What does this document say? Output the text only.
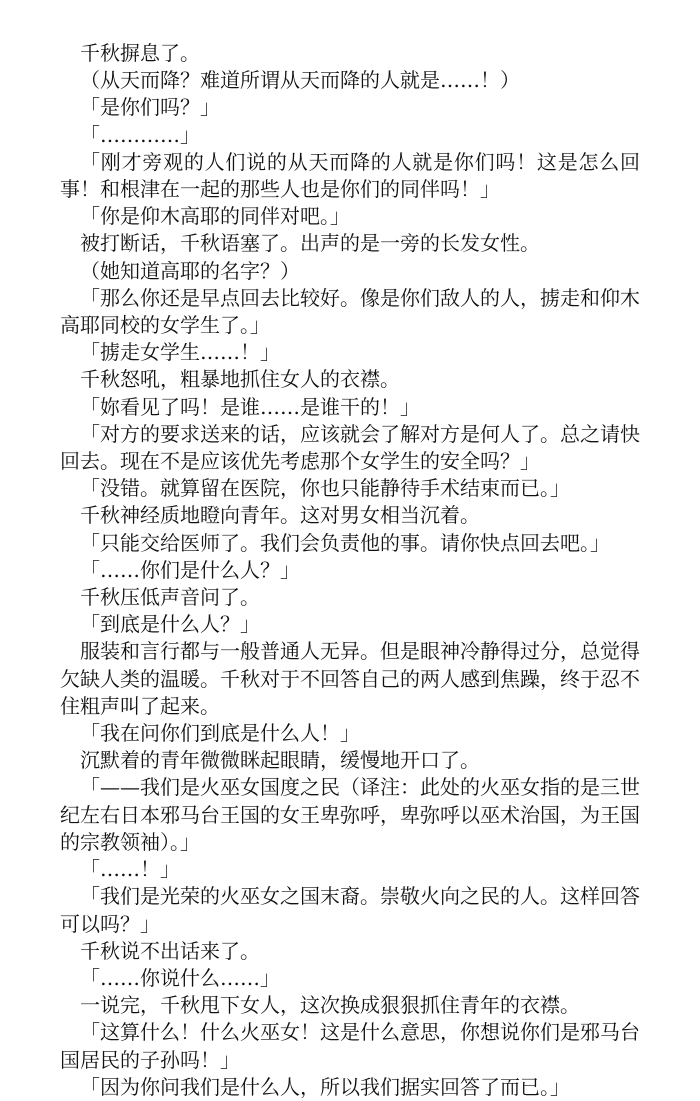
千秋摒息了。

（从天而降？难道所谓从天而降的人就是……！）

「是你们吗？」

「…………」

「刚才旁观的人们说的从天而降的人就是你们吗！这是怎么回事！和根津在一起的那些人也是你们的同伴吗！」

「你是仰木高耶的同伴对吧。」

被打断话，千秋语塞了。出声的是一旁的长发女性。

（她知道高耶的名字？）

「那么你还是早点回去比较好。像是你们敌人的人，掳走和仰木高耶同校的女学生了。」

「掳走女学生……！」

千秋怒吼，粗暴地抓住女人的衣襟。

「妳看见了吗！是谁……是谁干的！」

「对方的要求送来的话，应该就会了解对方是何人了。总之请快回去。现在不是应该优先考虑那个女学生的安全吗？」

「没错。就算留在医院，你也只能静待手术结束而已。」

千秋神经质地瞪向青年。这对男女相当沉着。

「只能交给医师了。我们会负责他的事。请你快点回去吧。」

「……你们是什么人？」

千秋压低声音问了。

「到底是什么人？」

服装和言行都与一般普通人无异。但是眼神冷静得过分，总觉得欠缺人类的温暖。千秋对于不回答自己的两人感到焦躁，终于忍不住粗声叫了起来。

「我在问你们到底是什么人！」

沉默着的青年微微眯起眼睛，缓慢地开口了。

「——我们是火巫女国度之民（译注：此处的火巫女指的是三世纪左右日本邪马台王国的女王卑弥呼，卑弥呼以巫术治国，为王国的宗教领袖）。」

「……！」

「我们是光荣的火巫女之国末裔。崇敬火向之民的人。这样回答可以吗？」

千秋说不出话来了。

「……你说什么……」

一说完，千秋甩下女人，这次换成狠狠抓住青年的衣襟。

「这算什么！什么火巫女！这是什么意思，你想说你们是邪马台国居民的子孙吗！」

「因为你问我们是什么人，所以我们据实回答了而已。」
